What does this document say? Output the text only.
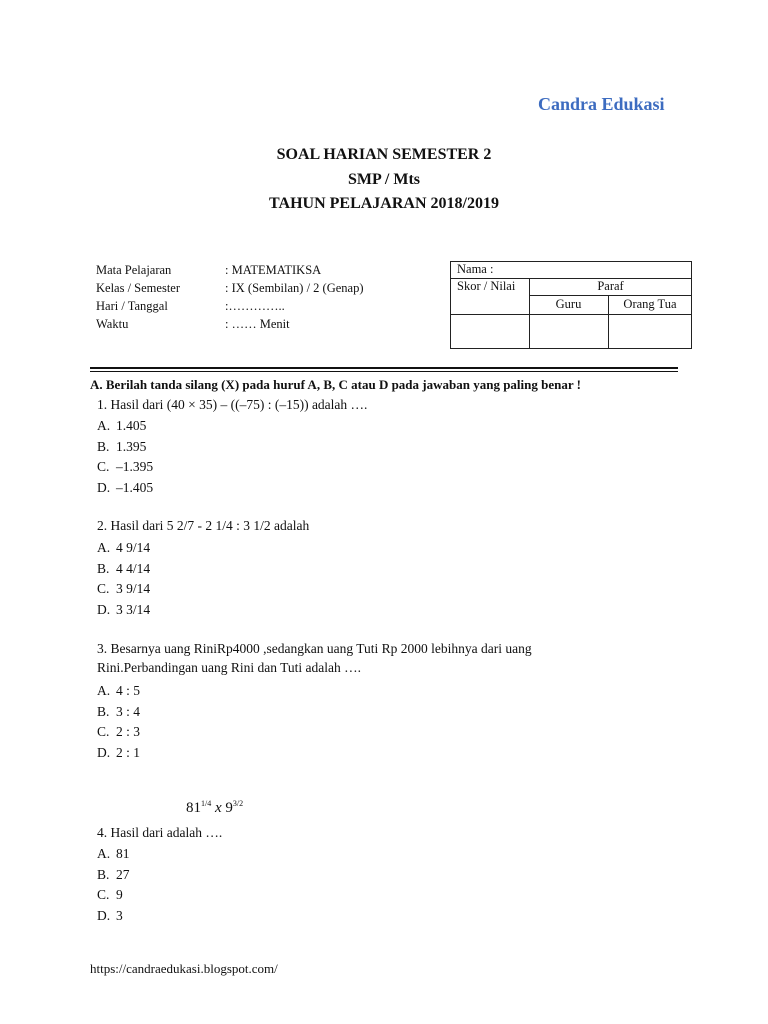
Candra Edukasi
SOAL HARIAN SEMESTER 2
SMP / Mts
TAHUN PELAJARAN 2018/2019
Mata Pelajaran
Kelas / Semester
Hari / Tanggal
Waktu
: MATEMATIKSA
: IX (Sembilan) / 2 (Genap)
:…………..
: …… Menit
Nama :
Skor / Nilai	Paraf
Guru	Orang Tua
A. Berilah tanda silang (X) pada huruf A, B, C atau D pada jawaban yang paling benar !
1. Hasil dari (40 × 35) – ((–75) : (–15)) adalah ….
A. 1.405
B. 1.395
C. –1.395
D. –1.405
2. Hasil dari 5 2/7 - 2 1/4 : 3 1/2 adalah
A. 4 9/14
B. 4 4/14
C. 3 9/14
D. 3 3/14
3. Besarnya uang RiniRp4000 ,sedangkan uang Tuti Rp 2000 lebihnya dari uang
Rini.Perbandingan uang Rini dan Tuti adalah ….
A. 4 : 5
B. 3 : 4
C. 2 : 3
D. 2 : 1
$81^{1/4}$ x $9^{3/2}$
4. Hasil dari adalah ….
A. 81
B. 27
C. 9
D. 3
https://candraedukasi.blogspot.com/
